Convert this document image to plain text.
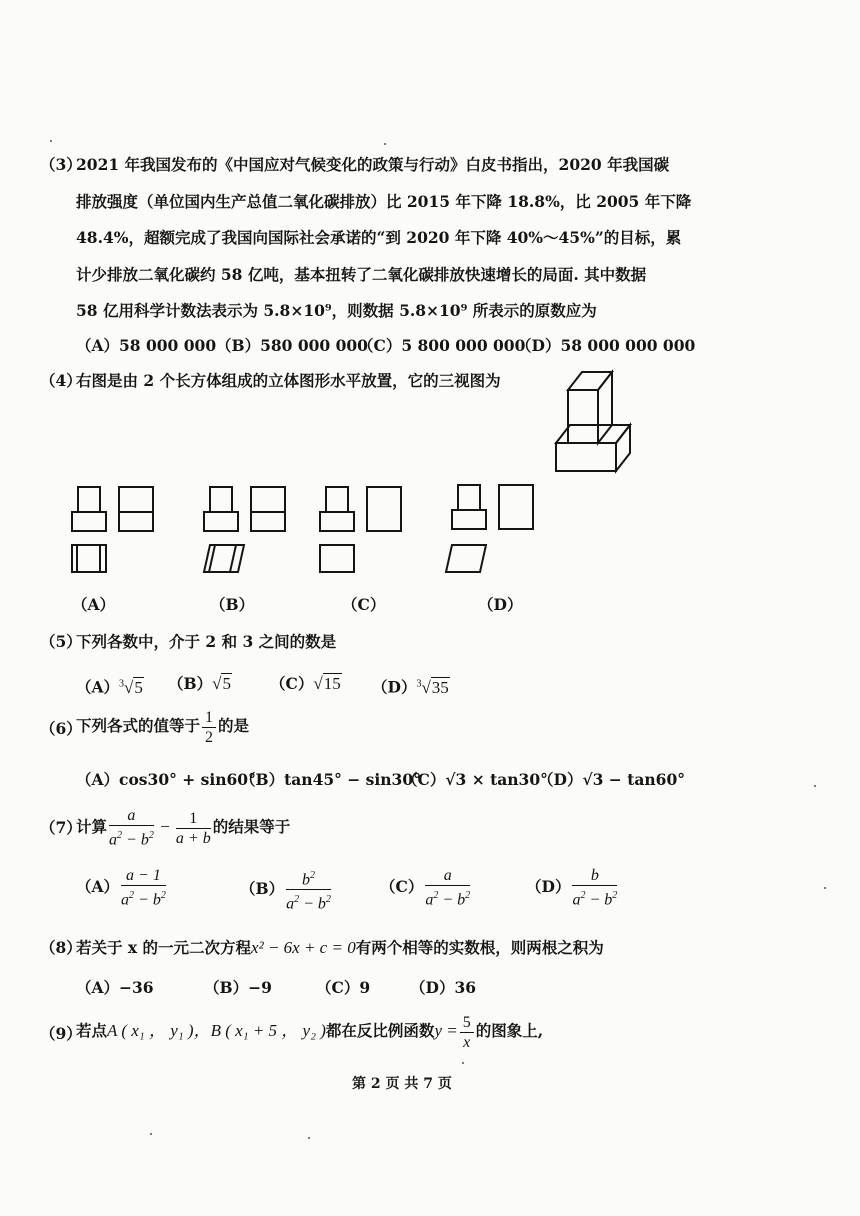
（3）
2021 年我国发布的《中国应对气候变化的政策与行动》白皮书指出，2020 年我国碳
排放强度（单位国内生产总值二氧化碳排放）比 2015 年下降 18.8%，比 2005 年下降
48.4%，超额完成了我国向国际社会承诺的“到 2020 年下降 40%～45%”的目标，累
计少排放二氧化碳约 58 亿吨，基本扭转了二氧化碳排放快速增长的局面. 其中数据
58 亿用科学计数法表示为 5.8×10⁹，则数据 5.8×10⁹ 所表示的原数应为
（A）58 000 000 （B）580 000 000
（C）5 800 000 000
（D）58 000 000 000
（4）
右图是由 2 个长方体组成的立体图形水平放置，它的三视图为
（A）	（B）	（C）	（D）
（5）
下列各数中，介于 2 和 3 之间的数是
$(A)^3√5$ （B）√5	（C）√15 $(D)^3√35$
（6）
下列各式的值等于 $\frac{1}{2}$ 的是
（A）cos30° + sin60°
（B）tan45° − sin30°
（C）√3 × tan30°
（D）√3 − tan60°
（7）
计算 $\frac{a}{a^2 - b^2} - \frac{1}{a + b}$ 的结果等于
$(A) \frac{a - 1}{a^2 - b^2}$	$(B) \frac{b^2}{a^2 - b^2}$	$(C) \frac{a}{a^2 - b^2}$	$(D) \frac{b}{a^2 - b^2}$
（8）
若关于 x 的一元二次方程x² − 6x + c = 0有两个相等的实数根，则两根之积为
（A）−36	（B）−9	（C）9	（D）36
（9）
若点A ( x₁ ， y₁ )，B ( x₁ + 5 ， y₂ )都在反比例函数$y = \frac{5}{x}$ 的图象上,
第 2 页 共 7 页
